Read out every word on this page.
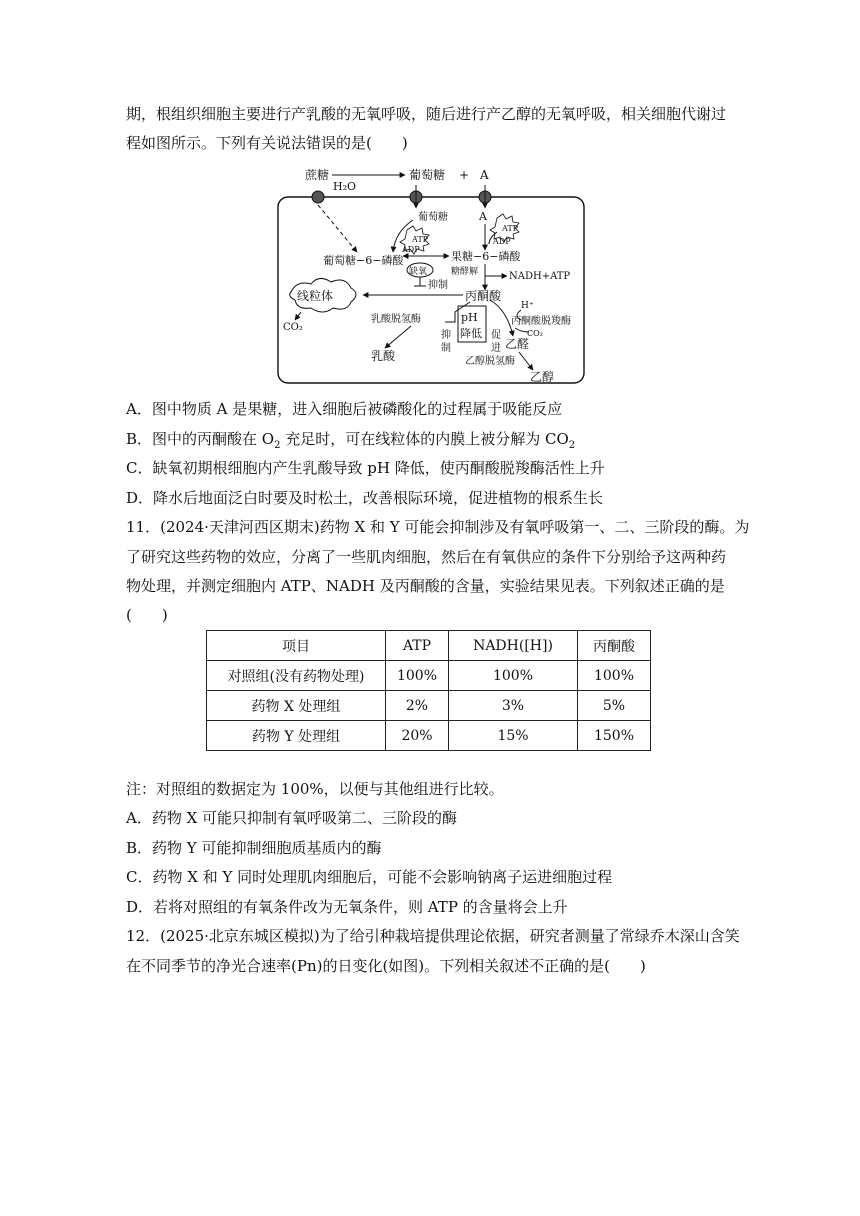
期，根组织细胞主要进行产乳酸的无氧呼吸，随后进行产乙醇的无氧呼吸，相关细胞代谢过
程如图所示。下列有关说法错误的是(　　)
蔗糖
H₂O
葡萄糖 + A
葡萄糖
ATP
ADP
葡萄糖−6−磷酸
A
ATP
ADP
果糖−6−磷酸
缺氧
抑制
糖酵解	NADH+ATP
丙酮酸
线粒体
CO₂
pH
降低
乳酸脱氢酶
乳酸
抑
制
促
进
H⁺
丙酮酸脱羧酶
CO₂
乙醛
乙醇脱氢酶
乙醇
A．图中物质 A 是果糖，进入细胞后被磷酸化的过程属于吸能反应
B．图中的丙酮酸在 $O_2$ 充足时，可在线粒体的内膜上被分解为 $CO_2$
C．缺氧初期根细胞内产生乳酸导致 pH 降低，使丙酮酸脱羧酶活性上升
D．降水后地面泛白时要及时松土，改善根际环境，促进植物的根系生长
11．(2024·天津河西区期末)药物 X 和 Y 可能会抑制涉及有氧呼吸第一、二、三阶段的酶。为
了研究这些药物的效应，分离了一些肌肉细胞，然后在有氧供应的条件下分别给予这两种药
物处理，并测定细胞内 ATP、NADH 及丙酮酸的含量，实验结果见表。下列叙述正确的是
(　　)
项目	ATP	NADH([H])	丙酮酸
对照组(没有药物处理)	100%	100%	100%
药物 X 处理组	2%	3%	5%
药物 Y 处理组	20%	15%	150%
注：对照组的数据定为 100%，以便与其他组进行比较。
A．药物 X 可能只抑制有氧呼吸第二、三阶段的酶
B．药物 Y 可能抑制细胞质基质内的酶
C．药物 X 和 Y 同时处理肌肉细胞后，可能不会影响钠离子运进细胞过程
D．若将对照组的有氧条件改为无氧条件，则 ATP 的含量将会上升
12．(2025·北京东城区模拟)为了给引种栽培提供理论依据，研究者测量了常绿乔木深山含笑
在不同季节的净光合速率(Pn)的日变化(如图)。下列相关叙述不正确的是(　　)
